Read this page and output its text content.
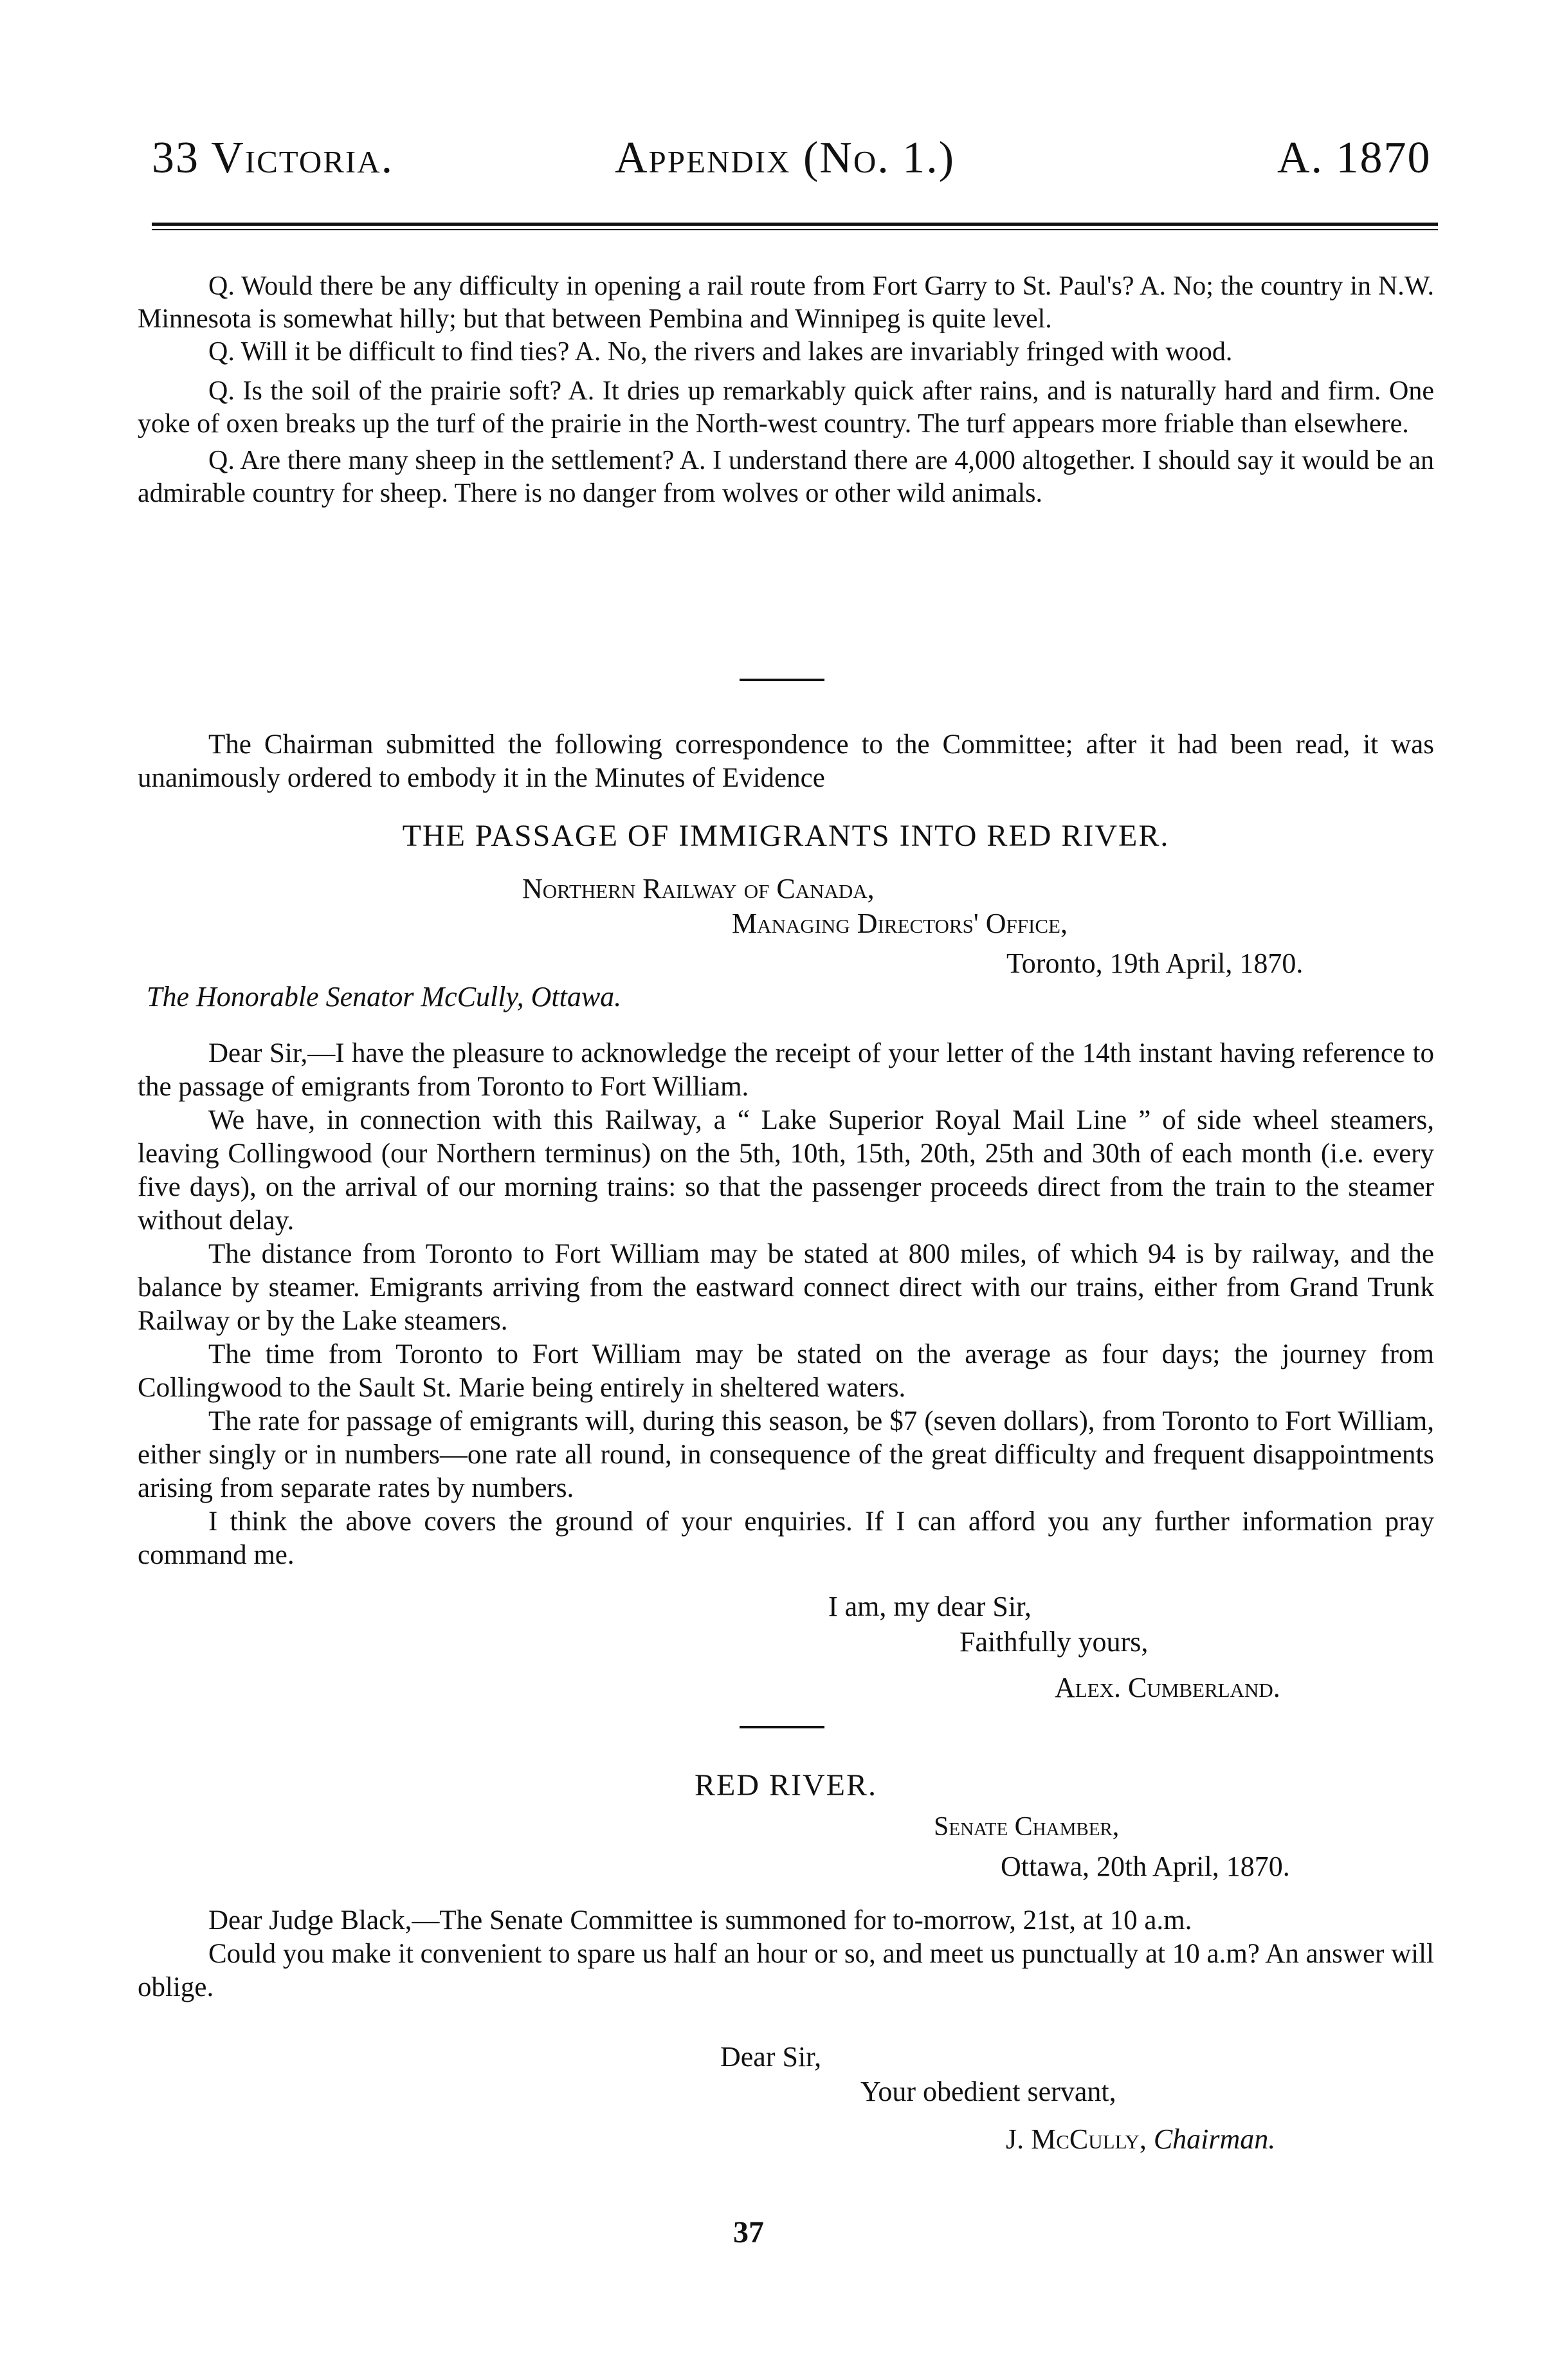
33 Victoria.	Appendix (No. 1.)	A. 1870

Q. Would there be any difficulty in opening a rail route from Fort Garry to St. Paul's? A. No; the country in N.W. Minnesota is somewhat hilly; but that between Pembina and Winnipeg is quite level.

Q. Will it be difficult to find ties? A. No, the rivers and lakes are invariably fringed with wood.

Q. Is the soil of the prairie soft? A. It dries up remarkably quick after rains, and is naturally hard and firm. One yoke of oxen breaks up the turf of the prairie in the North-west country. The turf appears more friable than elsewhere.

Q. Are there many sheep in the settlement? A. I understand there are 4,000 altogether. I should say it would be an admirable country for sheep. There is no danger from wolves or other wild animals.

The Chairman submitted the following correspondence to the Committee; after it had been read, it was unanimously ordered to embody it in the Minutes of Evidence

THE PASSAGE OF IMMIGRANTS INTO RED RIVER.
Northern Railway of Canada,
Managing Directors' Office,
Toronto, 19th April, 1870.
The Honorable Senator McCully, Ottawa.

Dear Sir,—I have the pleasure to acknowledge the receipt of your letter of the 14th instant having reference to the passage of emigrants from Toronto to Fort William.

We have, in connection with this Railway, a “ Lake Superior Royal Mail Line ” of side wheel steamers, leaving Collingwood (our Northern terminus) on the 5th, 10th, 15th, 20th, 25th and 30th of each month (i.e. every five days), on the arrival of our morning trains: so that the passenger proceeds direct from the train to the steamer without delay.

The distance from Toronto to Fort William may be stated at 800 miles, of which 94 is by railway, and the balance by steamer. Emigrants arriving from the eastward connect direct with our trains, either from Grand Trunk Railway or by the Lake steamers.

The time from Toronto to Fort William may be stated on the average as four days; the journey from Collingwood to the Sault St. Marie being entirely in sheltered waters.

The rate for passage of emigrants will, during this season, be $7 (seven dollars), from Toronto to Fort William, either singly or in numbers—one rate all round, in consequence of the great difficulty and frequent disappointments arising from separate rates by numbers.

I think the above covers the ground of your enquiries. If I can afford you any further information pray command me.

I am, my dear Sir,
Faithfully yours,
Alex. Cumberland.
RED RIVER.
Senate Chamber,
Ottawa, 20th April, 1870.

Dear Judge Black,—The Senate Committee is summoned for to-morrow, 21st, at 10 a.m.

Could you make it convenient to spare us half an hour or so, and meet us punctually at 10 a.m? An answer will oblige.

Dear Sir,
Your obedient servant,
J. McCully, Chairman.
37
